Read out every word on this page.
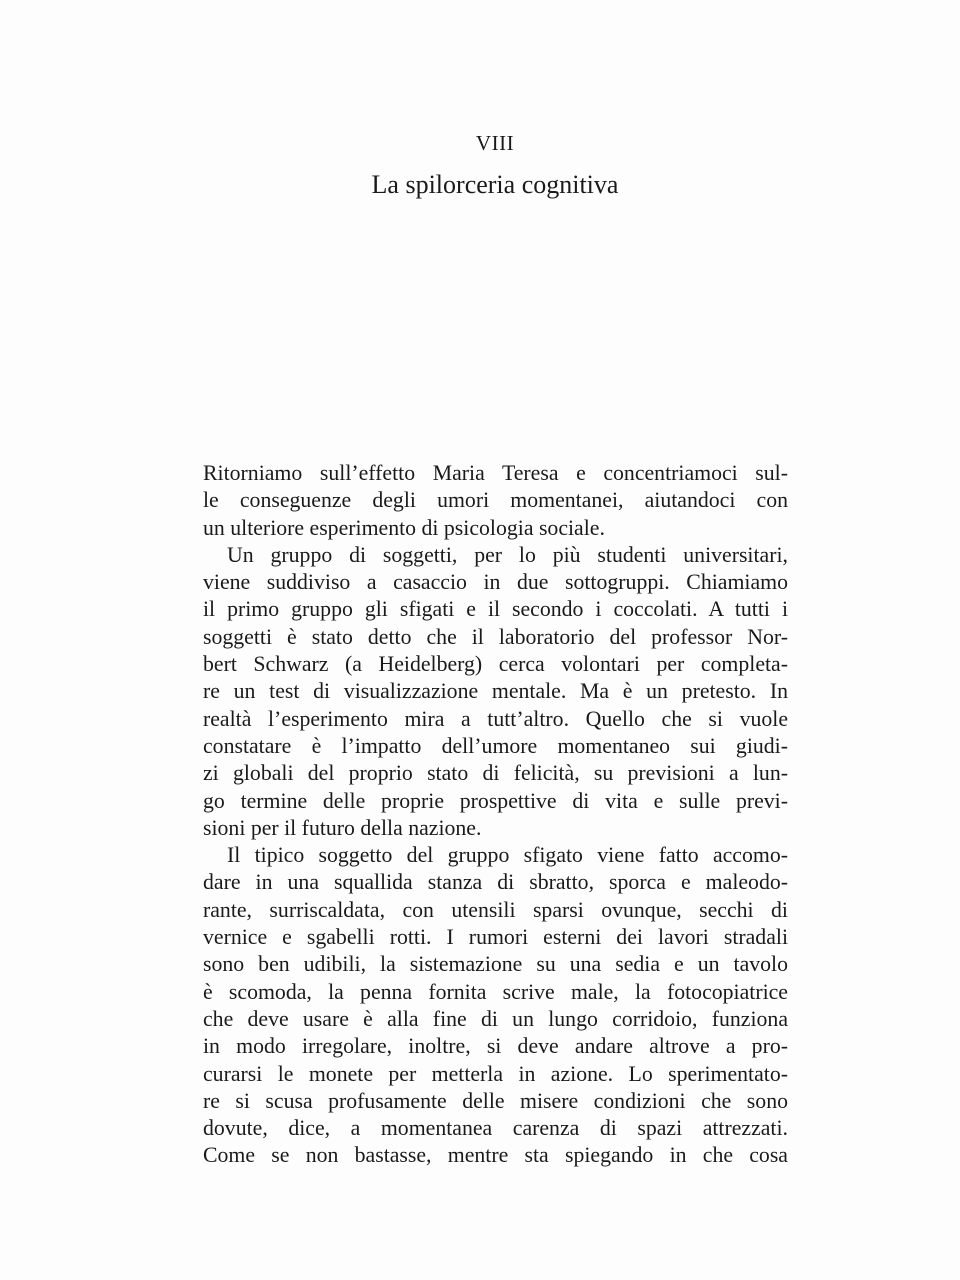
VIII
La spilorceria cognitiva
Ritorniamo sull’effetto Maria Teresa e concentriamoci sul-
le conseguenze degli umori momentanei, aiutandoci con
un ulteriore esperimento di psicologia sociale.
Un gruppo di soggetti, per lo più studenti universitari,
viene suddiviso a casaccio in due sottogruppi. Chiamiamo
il primo gruppo gli sfigati e il secondo i coccolati. A tutti i
soggetti è stato detto che il laboratorio del professor Nor-
bert Schwarz (a Heidelberg) cerca volontari per completa-
re un test di visualizzazione mentale. Ma è un pretesto. In
realtà l’esperimento mira a tutt’altro. Quello che si vuole
constatare è l’impatto dell’umore momentaneo sui giudi-
zi globali del proprio stato di felicità, su previsioni a lun-
go termine delle proprie prospettive di vita e sulle previ-
sioni per il futuro della nazione.
Il tipico soggetto del gruppo sfigato viene fatto accomo-
dare in una squallida stanza di sbratto, sporca e maleodo-
rante, surriscaldata, con utensili sparsi ovunque, secchi di
vernice e sgabelli rotti. I rumori esterni dei lavori stradali
sono ben udibili, la sistemazione su una sedia e un tavolo
è scomoda, la penna fornita scrive male, la fotocopiatrice
che deve usare è alla fine di un lungo corridoio, funziona
in modo irregolare, inoltre, si deve andare altrove a pro-
curarsi le monete per metterla in azione. Lo sperimentato-
re si scusa profusamente delle misere condizioni che sono
dovute, dice, a momentanea carenza di spazi attrezzati.
Come se non bastasse, mentre sta spiegando in che cosa
